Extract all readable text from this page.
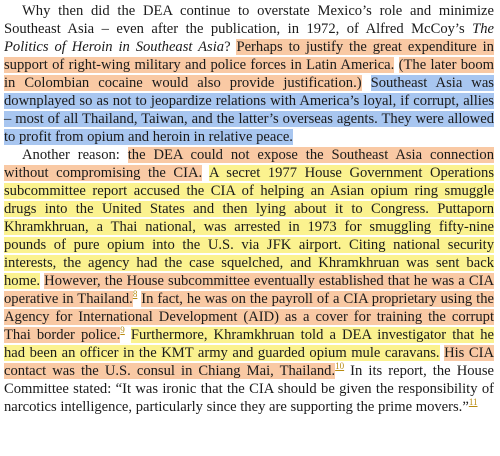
Why then did the DEA continue to overstate Mexico’s role and minimize Southeast Asia – even after the publication, in 1972, of Alfred McCoy’s The Politics of Heroin in Southeast Asia? Perhaps to justify the great expenditure in support of right-wing military and police forces in Latin America. (The later boom in Colombian cocaine would also provide justification.) Southeast Asia was downplayed so as not to jeopardize relations with America’s loyal, if corrupt, allies – most of all Thailand, Taiwan, and the latter’s overseas agents. They were allowed to profit from opium and heroin in relative peace.

Another reason: the DEA could not expose the Southeast Asia connection without compromising the CIA. A secret 1977 House Government Operations subcommittee report accused the CIA of helping an Asian opium ring smuggle drugs into the United States and then lying about it to Congress. Puttaporn Khramkhruan, a Thai national, was arrested in 1973 for smuggling fifty-nine pounds of pure opium into the U.S. via JFK airport. Citing national security interests, the agency had the case squelched, and Khramkhruan was sent back home. However, the House subcommittee eventually established that he was a CIA operative in Thailand.$^8$ In fact, he was on the payroll of a CIA proprietary using the Agency for International Development (AID) as a cover for training the corrupt Thai border police.$^9$ Furthermore, Khramkhruan told a DEA investigator that he had been an officer in the KMT army and guarded opium mule caravans. His CIA contact was the U.S. consul in Chiang Mai, Thailand.$^{10}$ In its report, the House Committee stated: “It was ironic that the CIA should be given the responsibility of narcotics intelligence, particularly since they are supporting the prime movers.”$^{11}$
